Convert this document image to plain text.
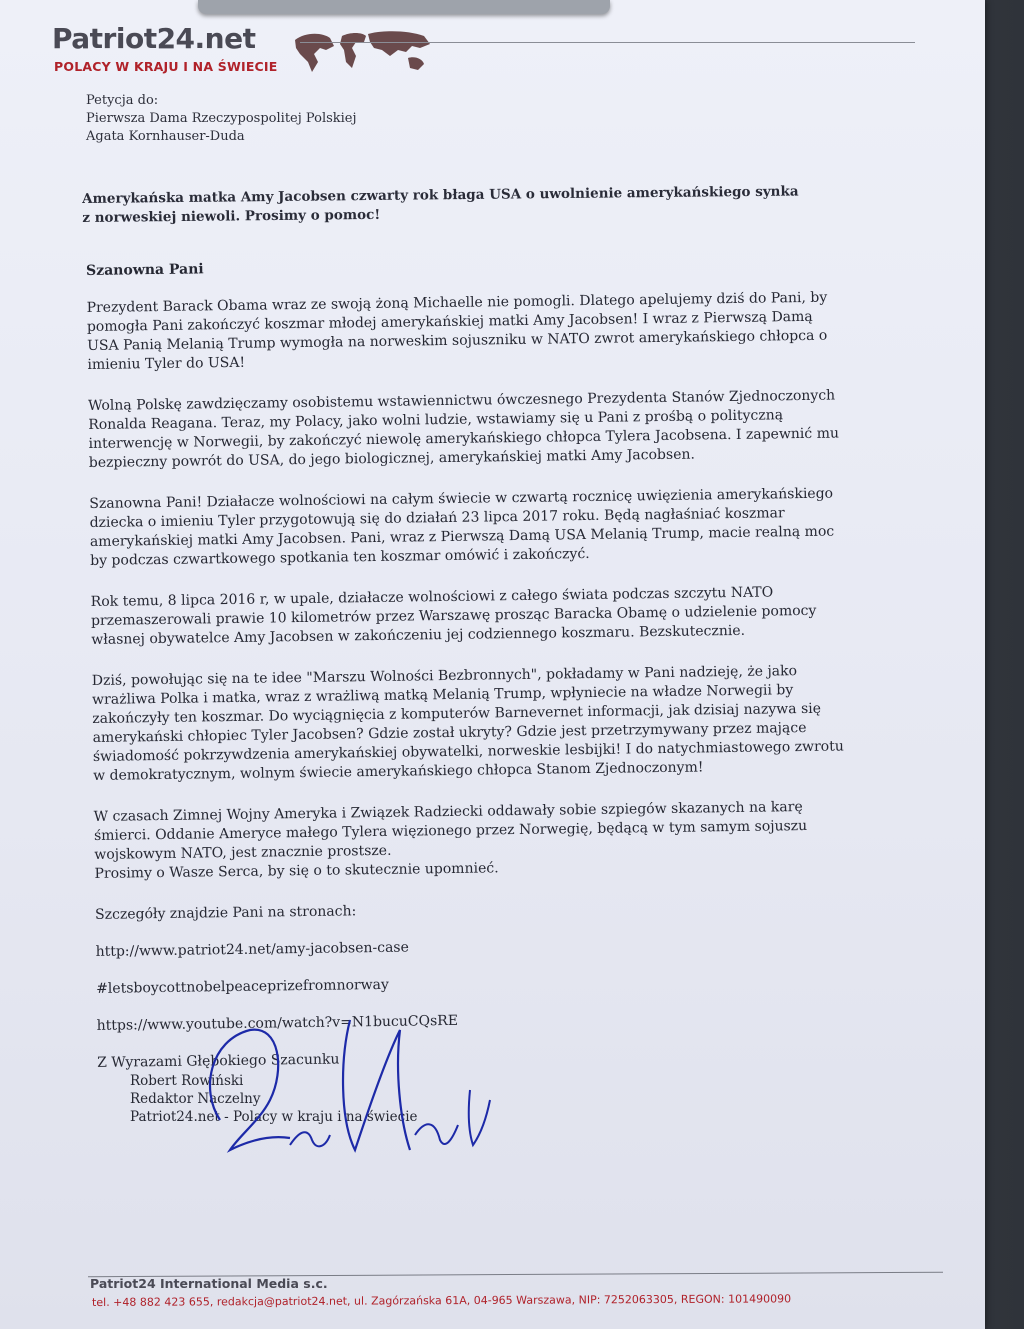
Patriot24.net
POLACY W KRAJU I NA ŚWIECIE
Petycja do:
Pierwsza Dama Rzeczypospolitej Polskiej
Agata Kornhauser-Duda
Amerykańska matka Amy Jacobsen czwarty rok błaga USA o uwolnienie amerykańskiego synka z norweskiej niewoli. Prosimy o pomoc!

Szanowna Pani

Prezydent Barack Obama wraz ze swoją żoną Michaelle nie pomogli. Dlatego apelujemy dziś do Pani, by pomogła Pani zakończyć koszmar młodej amerykańskiej matki Amy Jacobsen! I wraz z Pierwszą Damą USA Panią Melanią Trump wymogła na norweskim sojuszniku w NATO zwrot amerykańskiego chłopca o imieniu Tyler do USA!

Wolną Polskę zawdzięczamy osobistemu wstawiennictwu ówczesnego Prezydenta Stanów Zjednoczonych Ronalda Reagana. Teraz, my Polacy, jako wolni ludzie, wstawiamy się u Pani z prośbą o polityczną interwencję w Norwegii, by zakończyć niewolę amerykańskiego chłopca Tylera Jacobsena. I zapewnić mu bezpieczny powrót do USA, do jego biologicznej, amerykańskiej matki Amy Jacobsen.

Szanowna Pani! Działacze wolnościowi na całym świecie w czwartą rocznicę uwięzienia amerykańskiego dziecka o imieniu Tyler przygotowują się do działań 23 lipca 2017 roku. Będą nagłaśniać koszmar amerykańskiej matki Amy Jacobsen. Pani, wraz z Pierwszą Damą USA Melanią Trump, macie realną moc by podczas czwartkowego spotkania ten koszmar omówić i zakończyć.

Rok temu, 8 lipca 2016 r, w upale, działacze wolnościowi z całego świata podczas szczytu NATO przemaszerowali prawie 10 kilometrów przez Warszawę prosząc Baracka Obamę o udzielenie pomocy własnej obywatelce Amy Jacobsen w zakończeniu jej codziennego koszmaru. Bezskutecznie.

Dziś, powołując się na te idee "Marszu Wolności Bezbronnych", pokładamy w Pani nadzieję, że jako wrażliwa Polka i matka, wraz z wrażliwą matką Melanią Trump, wpłyniecie na władze Norwegii by zakończyły ten koszmar. Do wyciągnięcia z komputerów Barnevernet informacji, jak dzisiaj nazywa się amerykański chłopiec Tyler Jacobsen? Gdzie został ukryty? Gdzie jest przetrzymywany przez mające świadomość pokrzywdzenia amerykańskiej obywatelki, norweskie lesbijki! I do natychmiastowego zwrotu w demokratycznym, wolnym świecie amerykańskiego chłopca Stanom Zjednoczonym!

W czasach Zimnej Wojny Ameryka i Związek Radziecki oddawały sobie szpiegów skazanych na karę śmierci. Oddanie Ameryce małego Tylera więzionego przez Norwegię, będącą w tym samym sojuszu wojskowym NATO, jest znacznie prostsze.

Prosimy o Wasze Serca, by się o to skutecznie upomnieć.

Szczegóły znajdzie Pani na stronach:

http://www.patriot24.net/amy-jacobsen-case

#letsboycottnobelpeaceprizefromnorway

https://www.youtube.com/watch?v=N1bucuCQsRE

Z Wyrazami Głębokiego Szacunku

Robert Rowiński
Redaktor Naczelny
Patriot24.net - Polacy w kraju i na świecie
Patriot24 International Media s.c.
tel. +48 882 423 655, redakcja@patriot24.net, ul. Zagórzańska 61A, 04-965 Warszawa, NIP: 7252063305, REGON: 101490090
